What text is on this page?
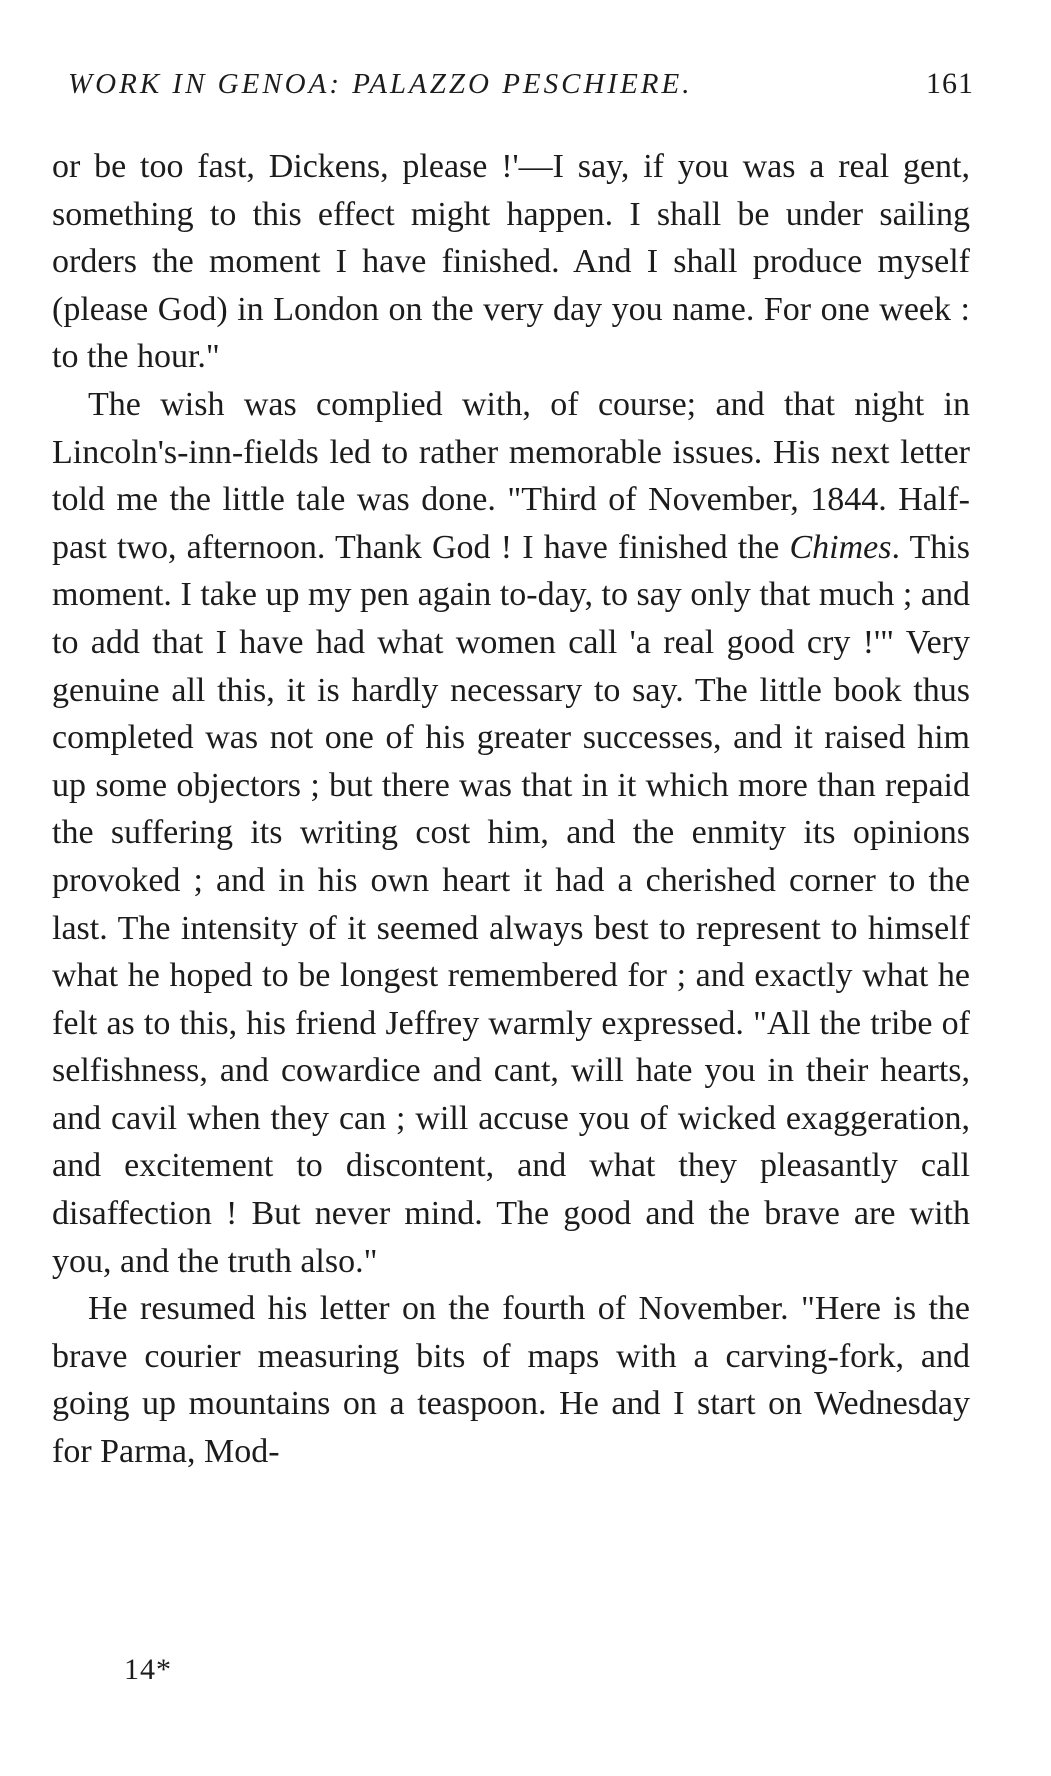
WORK IN GENOA: PALAZZO PESCHIERE.	161

or be too fast, Dickens, please !'—I say, if you was a real gent, something to this effect might happen. I shall be under sailing orders the moment I have finished. And I shall produce myself (please God) in London on the very day you name. For one week : to the hour."

The wish was complied with, of course; and that night in Lincoln's-inn-fields led to rather memorable issues. His next letter told me the little tale was done. "Third of November, 1844. Half-past two, afternoon. Thank God ! I have finished the Chimes. This moment. I take up my pen again to-day, to say only that much ; and to add that I have had what women call 'a real good cry !'" Very genuine all this, it is hardly necessary to say. The little book thus completed was not one of his greater successes, and it raised him up some objectors ; but there was that in it which more than repaid the suffering its writing cost him, and the enmity its opinions provoked ; and in his own heart it had a cherished corner to the last. The intensity of it seemed always best to represent to himself what he hoped to be longest remembered for ; and exactly what he felt as to this, his friend Jeffrey warmly expressed. "All the tribe of selfishness, and cowardice and cant, will hate you in their hearts, and cavil when they can ; will accuse you of wicked exaggeration, and excitement to discontent, and what they pleasantly call disaffection ! But never mind. The good and the brave are with you, and the truth also."

He resumed his letter on the fourth of November. "Here is the brave courier measuring bits of maps with a carving-fork, and going up mountains on a teaspoon. He and I start on Wednesday for Parma, Mod-

14*
